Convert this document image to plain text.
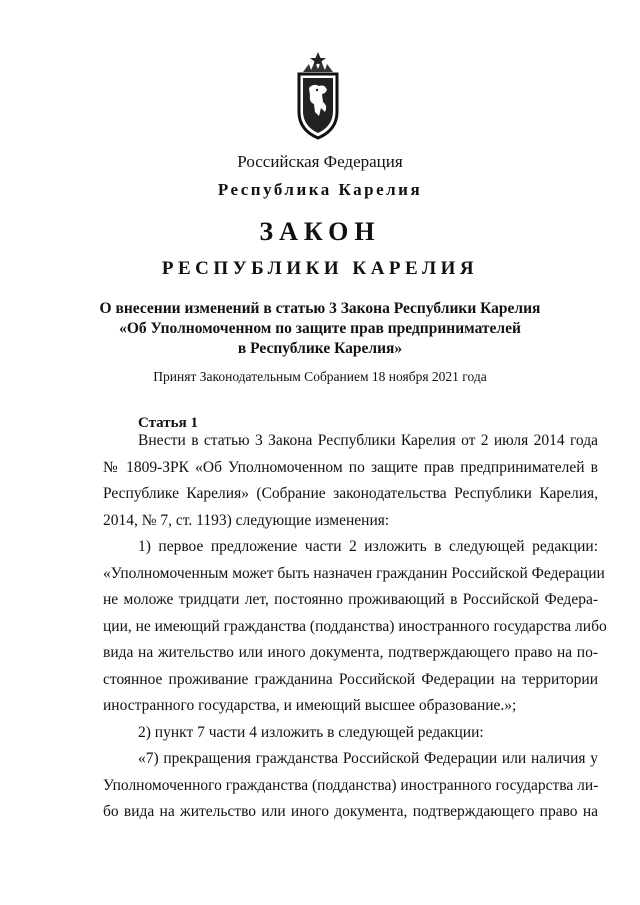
Российская Федерация
Республика Карелия
ЗАКОН
РЕСПУБЛИКИ КАРЕЛИЯ
О внесении изменений в статью 3 Закона Республики Карелия
«Об Уполномоченном по защите прав предпринимателей
в Республике Карелия»
Принят Законодательным Собранием 18 ноября 2021 года
Статья 1
Внести в статью 3 Закона Республики Карелия от 2 июля 2014 года
№ 1809-ЗРК «Об Уполномоченном по защите прав предпринимателей в
Республике Карелия» (Собрание законодательства Республики Карелия,
2014, № 7, ст. 1193) следующие изменения:
1) первое предложение части 2 изложить в следующей редакции:
«Уполномоченным может быть назначен гражданин Российской Федерации
не моложе тридцати лет, постоянно проживающий в Российской Федера-
ции, не имеющий гражданства (подданства) иностранного государства либо
вида на жительство или иного документа, подтверждающего право на по-
стоянное проживание гражданина Российской Федерации на территории
иностранного государства, и имеющий высшее образование.»;
2) пункт 7 части 4 изложить в следующей редакции:
«7) прекращения гражданства Российской Федерации или наличия у
Уполномоченного гражданства (подданства) иностранного государства ли-
бо вида на жительство или иного документа, подтверждающего право на
